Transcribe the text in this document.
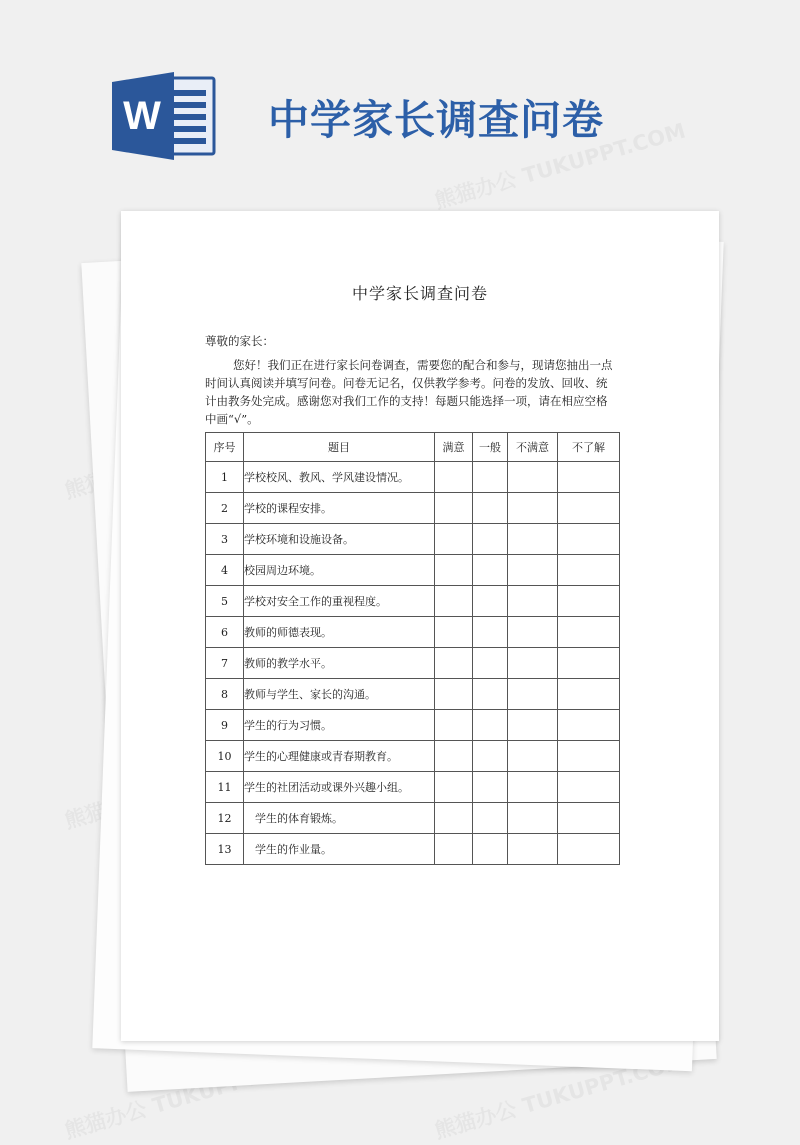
W	中学家长调查问卷
中学家长调查问卷
尊敬的家长：
您好！我们正在进行家长问卷调查，需要您的配合和参与，现请您抽出一点
时间认真阅读并填写问卷。问卷无记名，仅供教学参考。问卷的发放、回收、统
计由教务处完成。感谢您对我们工作的支持！每题只能选择一项，请在相应空格
中画“√”。
序号	题目	满意	一般	不满意	不了解
1	学校校风、教风、学风建设情况。				
2	学校的课程安排。				
3	学校环境和设施设备。				
4	校园周边环境。				
5	学校对安全工作的重视程度。				
6	教师的师德表现。				
7	教师的教学水平。				
8	教师与学生、家长的沟通。				
9	学生的行为习惯。				
10	学生的心理健康或青春期教育。				
11	学生的社团活动或课外兴趣小组。				
12	学生的体育锻炼。				
13	学生的作业量。				
